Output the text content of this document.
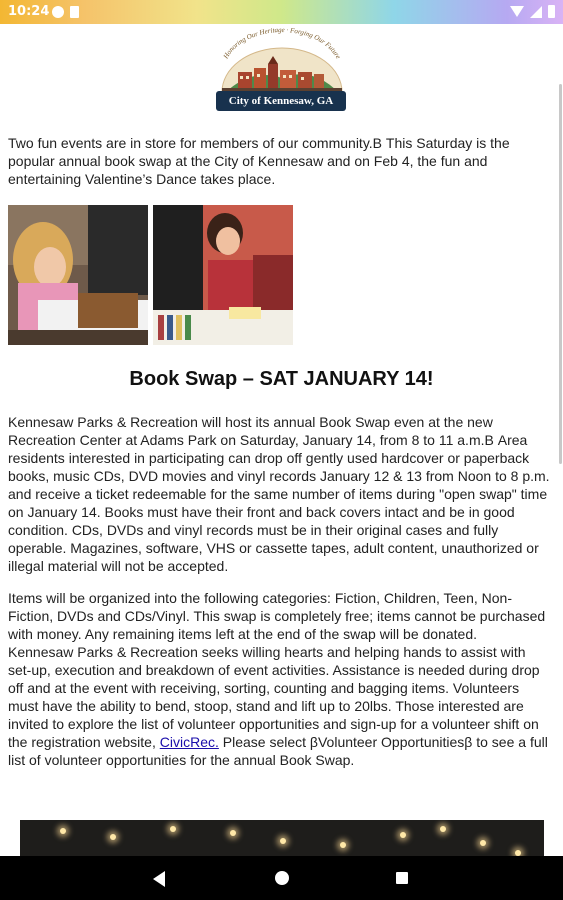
10:24
Honoring Our Heritage · Forging Our Future
City of Kennesaw, GA

Two fun events are in store for members of our community.В This Saturday is the popular annual book swap at the City of Kennesaw and on Feb 4, the fun and entertaining Valentine’s Dance takes place.

Book Swap – SAT JANUARY 14!

Kennesaw Parks & Recreation will host its annual Book Swap even at the new Recreation Center at Adams Park on Saturday, January 14, from 8 to 11 a.m.В Area residents interested in participating can drop off gently used hardcover or paperback books, music CDs, DVD movies and vinyl records January 12 & 13 from Noon to 8 p.m. and receive a ticket redeemable for the same number of items during "open swap" time on January 14. Books must have their front and back covers intact and be in good condition. CDs, DVDs and vinyl records must be in their original cases and fully operable. Magazines, software, VHS or cassette tapes, adult content, unauthorized or illegal material will not be accepted.

Items will be organized into the following categories: Fiction, Children, Teen, Non-Fiction, DVDs and CDs/Vinyl. This swap is completely free; items cannot be purchased with money. Any remaining items left at the end of the swap will be donated.
Kennesaw Parks & Recreation seeks willing hearts and helping hands to assist with set-up, execution and breakdown of event activities. Assistance is needed during drop off and at the event with receiving, sorting, counting and bagging items. Volunteers must have the ability to bend, stoop, stand and lift up to 20lbs. Those interested are invited to explore the list of volunteer opportunities and sign-up for a volunteer shift on the registration website, CivicRec. Please select βVolunteer Opportunitiesβ to see a full list of volunteer opportunities for the annual Book Swap.
